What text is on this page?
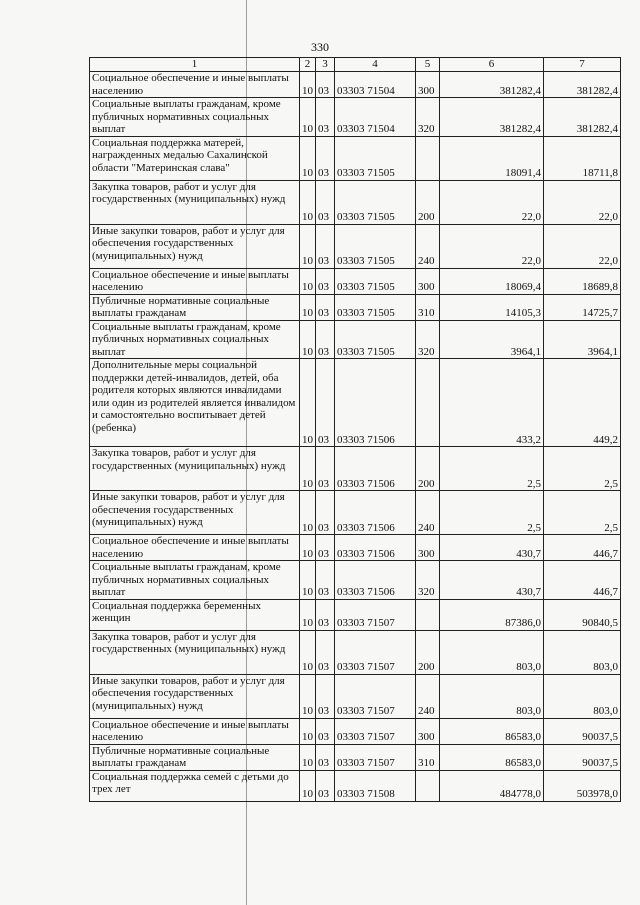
330
1	2	3	4	5	6	7
Социальное обеспечение и иные выплаты населению	10	03	03303 71504	300	381282,4	381282,4
Социальные выплаты гражданам, кроме публичных нормативных социальных выплат	10	03	03303 71504	320	381282,4	381282,4
Социальная поддержка матерей, награжденных медалью Сахалинской области "Материнская слава"	10	03	03303 71505		18091,4	18711,8
Закупка товаров, работ и услуг для государственных (муниципальных) нужд	10	03	03303 71505	200	22,0	22,0
Иные закупки товаров, работ и услуг для обеспечения государственных (муниципальных) нужд	10	03	03303 71505	240	22,0	22,0
Социальное обеспечение и иные выплаты населению	10	03	03303 71505	300	18069,4	18689,8
Публичные нормативные социальные выплаты гражданам	10	03	03303 71505	310	14105,3	14725,7
Социальные выплаты гражданам, кроме публичных нормативных социальных выплат	10	03	03303 71505	320	3964,1	3964,1
Дополнительные меры социальной поддержки детей-инвалидов, детей, оба родителя которых являются инвалидами или один из родителей является инвалидом и самостоятельно воспитывает детей (ребенка)	10	03	03303 71506		433,2	449,2
Закупка товаров, работ и услуг для государственных (муниципальных) нужд	10	03	03303 71506	200	2,5	2,5
Иные закупки товаров, работ и услуг для обеспечения государственных (муниципальных) нужд	10	03	03303 71506	240	2,5	2,5
Социальное обеспечение и иные выплаты населению	10	03	03303 71506	300	430,7	446,7
Социальные выплаты гражданам, кроме публичных нормативных социальных выплат	10	03	03303 71506	320	430,7	446,7
Социальная поддержка беременных женщин	10	03	03303 71507		87386,0	90840,5
Закупка товаров, работ и услуг для государственных (муниципальных) нужд	10	03	03303 71507	200	803,0	803,0
Иные закупки товаров, работ и услуг для обеспечения государственных (муниципальных) нужд	10	03	03303 71507	240	803,0	803,0
Социальное обеспечение и иные выплаты населению	10	03	03303 71507	300	86583,0	90037,5
Публичные нормативные социальные выплаты гражданам	10	03	03303 71507	310	86583,0	90037,5
Социальная поддержка семей с детьми до трех лет	10	03	03303 71508		484778,0	503978,0
